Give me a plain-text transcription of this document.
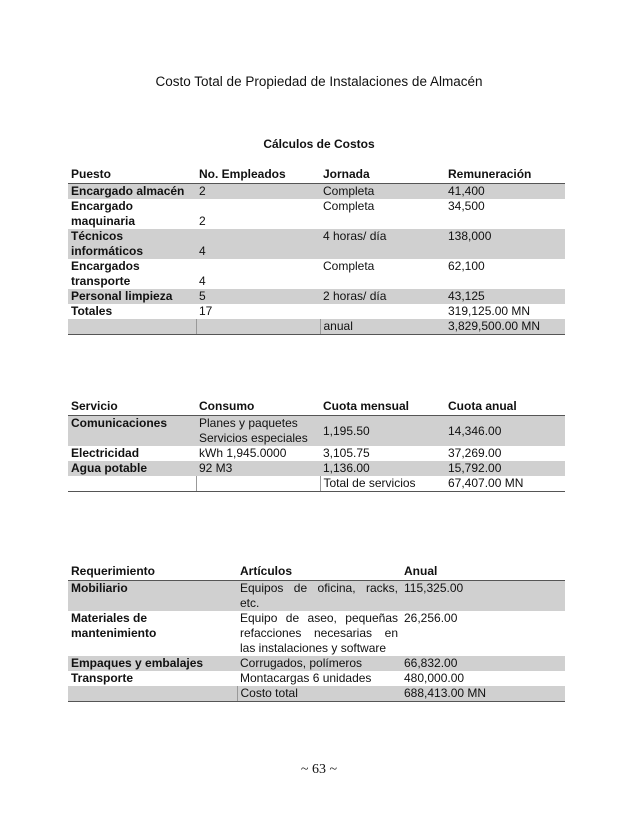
Costo Total de Propiedad de Instalaciones de Almacén
Cálculos de Costos
Puesto	No. Empleados	Jornada	Remuneración
Encargado almacén	2	Completa	41,400
Encargado maquinaria	2	Completa	34,500
Técnicos informáticos	4	4 horas/ día	138,000
Encargados transporte	4	Completa	62,100
Personal limpieza	5	2 horas/ día	43,125
Totales	17		319,125.00 MN
		anual	3,829,500.00 MN
Servicio	Consumo	Cuota mensual	Cuota anual
Comunicaciones	Planes y paquetes Servicios especiales	1,195.50	14,346.00
Electricidad	kWh 1,945.0000	3,105.75	37,269.00
Agua potable	92 M3	1,136.00	15,792.00
		Total de servicios	67,407.00 MN
Requerimiento	Artículos	Anual
Mobiliario	Equipos de oficina, racks, etc.	115,325.00
Materiales de mantenimiento	Equipo de aseo, pequeñas refacciones necesarias en las instalaciones y software	26,256.00
Empaques y embalajes	Corrugados, polímeros	66,832.00
Transporte	Montacargas 6 unidades	480,000.00
	Costo total	688,413.00 MN
~ 63 ~
